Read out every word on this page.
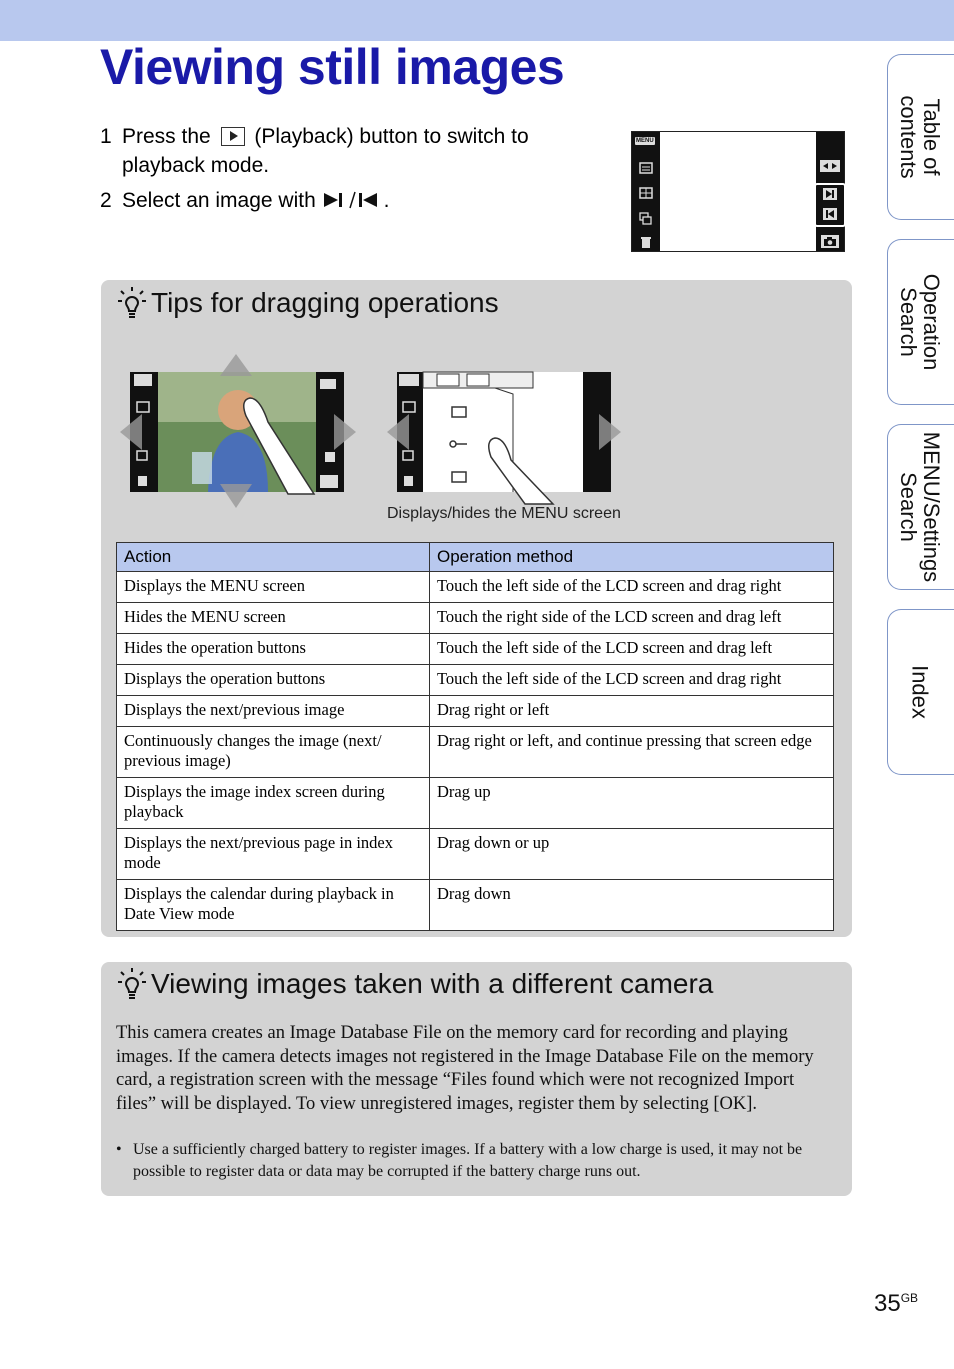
Viewing still images
1 Press the (Playback) button to switch to playback mode.
2 Select an image with	.
MENU	Table of
contents
Operation
Search
MENU/Settings
Search
Index
Tips for dragging operations
Displays/hides the MENU screen
Action	Operation method
Displays the MENU screen	Touch the left side of the LCD screen and drag right
Hides the MENU screen	Touch the right side of the LCD screen and drag left
Hides the operation buttons	Touch the left side of the LCD screen and drag left
Displays the operation buttons	Touch the left side of the LCD screen and drag right
Displays the next/previous image	Drag right or left
Continuously changes the image (next/ previous image)	Drag right or left, and continue pressing that screen edge
Displays the image index screen during playback	Drag up
Displays the next/previous page in index mode	Drag down or up
Displays the calendar during playback in Date View mode	Drag down
Viewing images taken with a different camera

This camera creates an Image Database File on the memory card for recording and playing images. If the camera detects images not registered in the Image Database File on the memory card, a registration screen with the message “Files found which were not recognized Import files” will be displayed. To view unregistered images, register them by selecting [OK].

• Use a sufficiently charged battery to register images. If a battery with a low charge is used, it may not be possible to register data or data may be corrupted if the battery charge runs out.
$35^{GB}$
